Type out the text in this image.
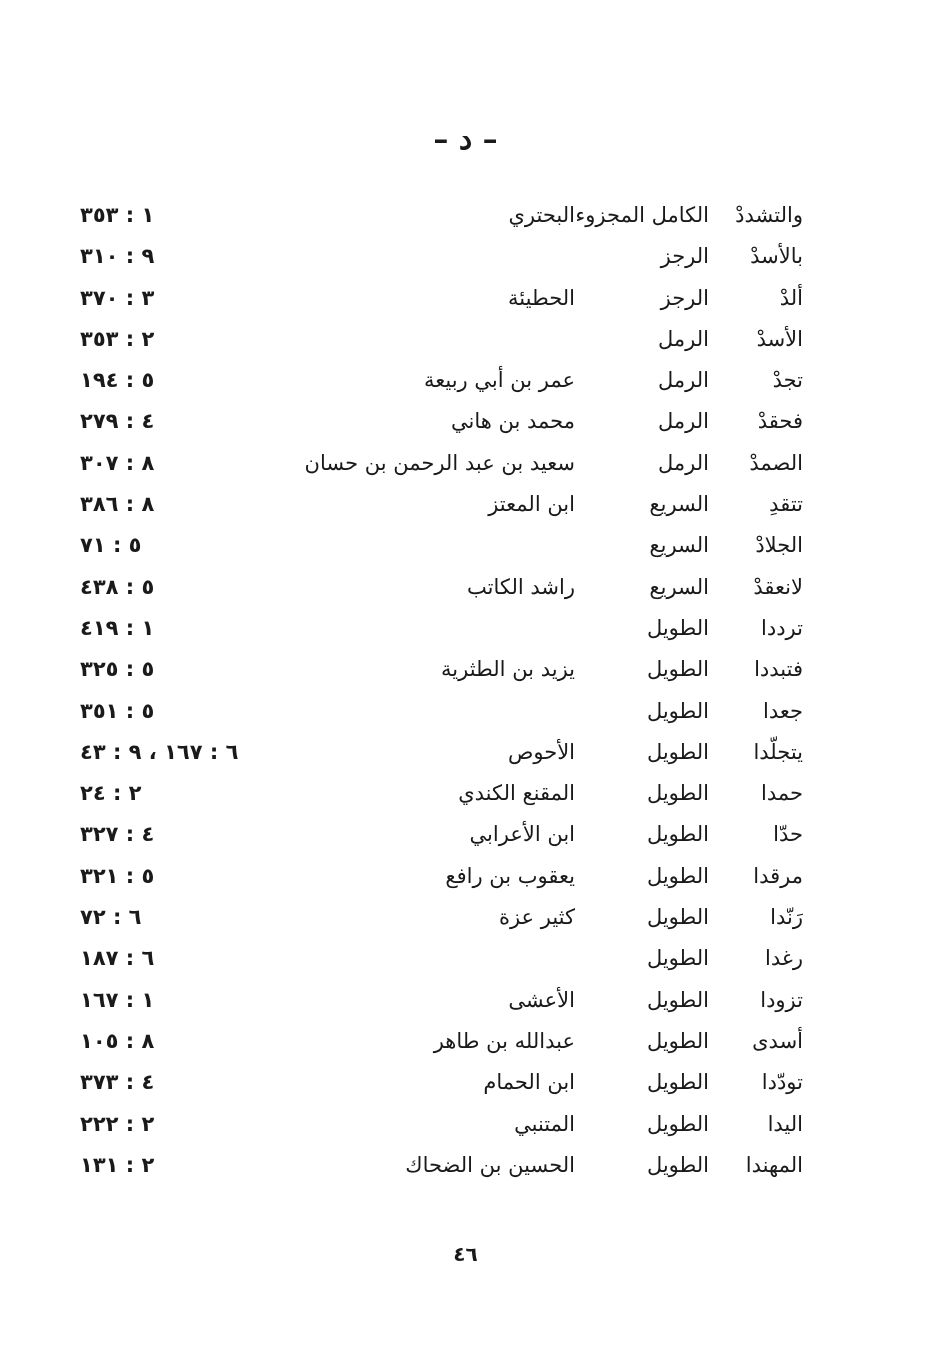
– د –
والتشددْ
الكامل المجزوء
البحتري
١ : ٣٥٣
بالأسدْ
الرجز
٩ : ٣١٠
ألدْ
الرجز
الحطيئة
٣ : ٣٧٠
الأسدْ
الرمل
٢ : ٣٥٣
تجدْ
الرمل
عمر بن أبي ربيعة
٥ : ١٩٤
فحقدْ
الرمل
محمد بن هاني
٤ : ٢٧٩
الصمدْ
الرمل
سعيد بن عبد الرحمن بن حسان
٨ : ٣٠٧
تتقدِ
السريع
ابن المعتز
٨ : ٣٨٦
الجلادْ
السريع
٥ : ٧١
لانعقدْ
السريع
راشد الكاتب
٥ : ٤٣٨
ترددا
الطويل
١ : ٤١٩
فتبددا
الطويل
يزيد بن الطثرية
٥ : ٣٢٥
جعدا
الطويل
٥ : ٣٥١
يتجلّدا
الطويل
الأحوص
٦ : ١٦٧ ، ٩ : ٤٣
حمدا
الطويل
المقنع الكندي
٢ : ٢٤
حدّا
الطويل
ابن الأعرابي
٤ : ٣٢٧
مرقدا
الطويل
يعقوب بن رافع
٥ : ٣٢١
رَنّدا
الطويل
كثير عزة
٦ : ٧٢
رغدا
الطويل
٦ : ١٨٧
تزودا
الطويل
الأعشى
١ : ١٦٧
أسدى
الطويل
عبدالله بن طاهر
٨ : ١٠٥
تودّدا
الطويل
ابن الحمام
٤ : ٣٧٣
اليدا
الطويل
المتنبي
٢ : ٢٢٢
المهندا
الطويل
الحسين بن الضحاك
٢ : ١٣١
٤٦
